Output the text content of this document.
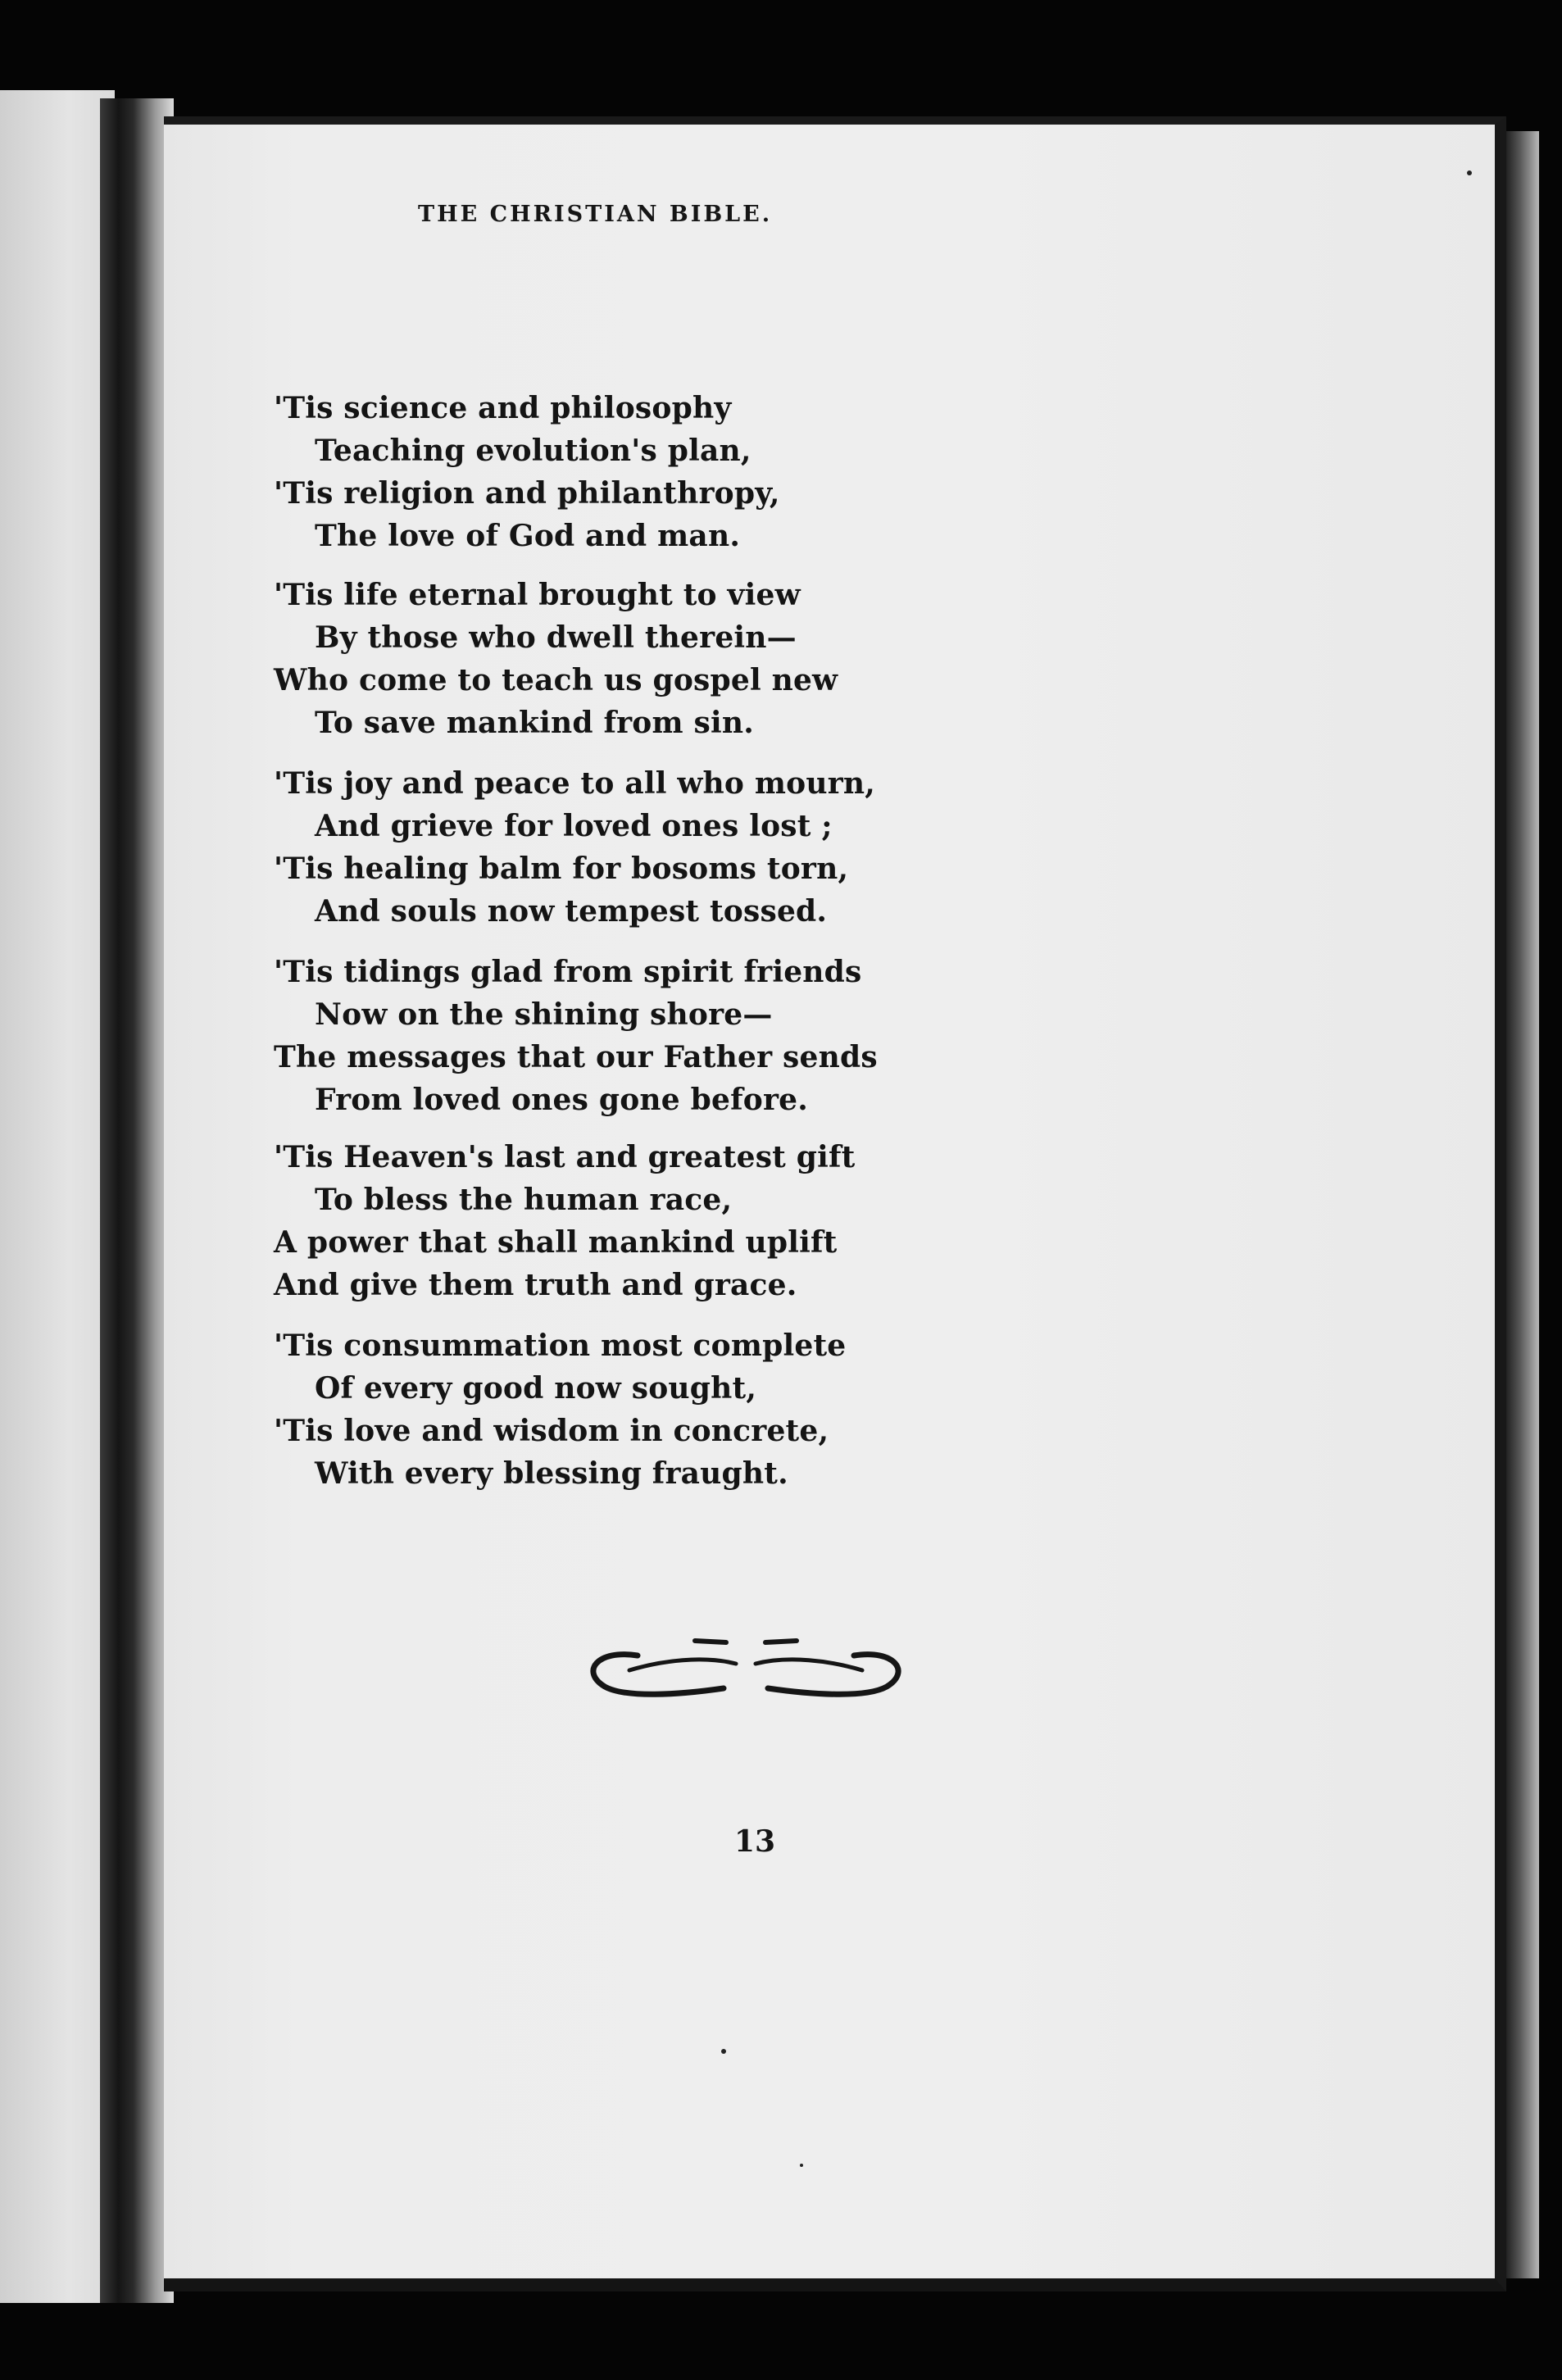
THE CHRISTIAN BIBLE.
'Tis science and philosophy
Teaching evolution's plan,
'Tis religion and philanthropy,
The love of God and man.
'Tis life eternal brought to view
By those who dwell therein—
Who come to teach us gospel new
To save mankind from sin.
'Tis joy and peace to all who mourn,
And grieve for loved ones lost ;
'Tis healing balm for bosoms torn,
And souls now tempest tossed.
'Tis tidings glad from spirit friends
Now on the shining shore—
The messages that our Father sends
From loved ones gone before.
'Tis Heaven's last and greatest gift
To bless the human race,
A power that shall mankind uplift
And give them truth and grace.
'Tis consummation most complete
Of every good now sought,
'Tis love and wisdom in concrete,
With every blessing fraught.
13
